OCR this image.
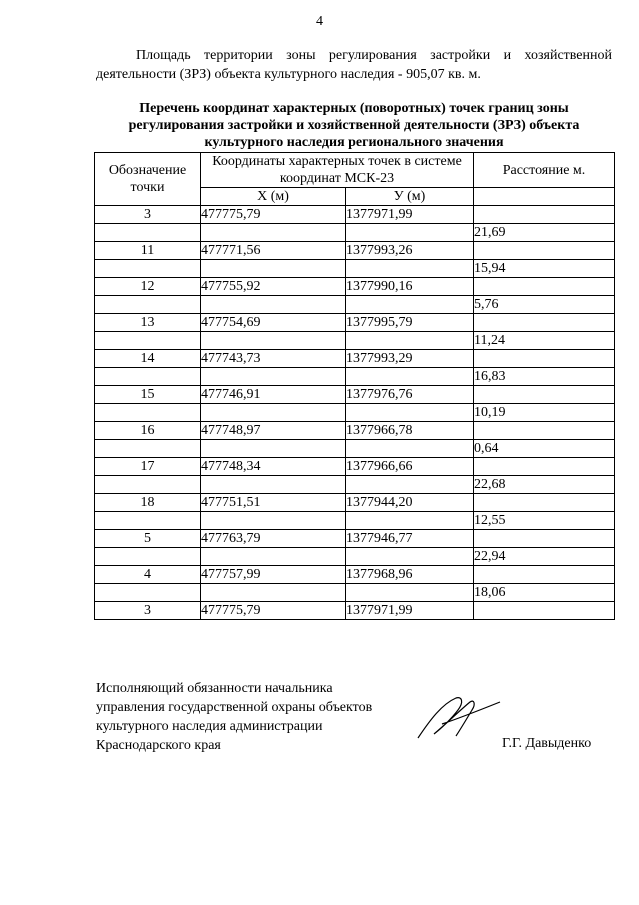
4
Площадь территории зоны регулирования застройки и хозяйственной деятельности (ЗРЗ) объекта культурного наследия - 905,07 кв. м.
Перечень координат характерных (поворотных) точек границ зоны регулирования застройки и хозяйственной деятельности (ЗРЗ) объекта культурного наследия регионального значения
Обозначение точки	Координаты характерных точек в системе координат МСК-23		Расстояние м.
	Х (м)	У (м)	
3	477775,79	1377971,99	
			21,69
11	477771,56	1377993,26	
			15,94
12	477755,92	1377990,16	
			5,76
13	477754,69	1377995,79	
			11,24
14	477743,73	1377993,29	
			16,83
15	477746,91	1377976,76	
			10,19
16	477748,97	1377966,78	
			0,64
17	477748,34	1377966,66	
			22,68
18	477751,51	1377944,20	
			12,55
5	477763,79	1377946,77	
			22,94
4	477757,99	1377968,96	
			18,06
3	477775,79	1377971,99	
Исполняющий обязанности начальника
управления государственной охраны объектов
культурного наследия администрации
Краснодарского края	Г.Г. Давыденко
